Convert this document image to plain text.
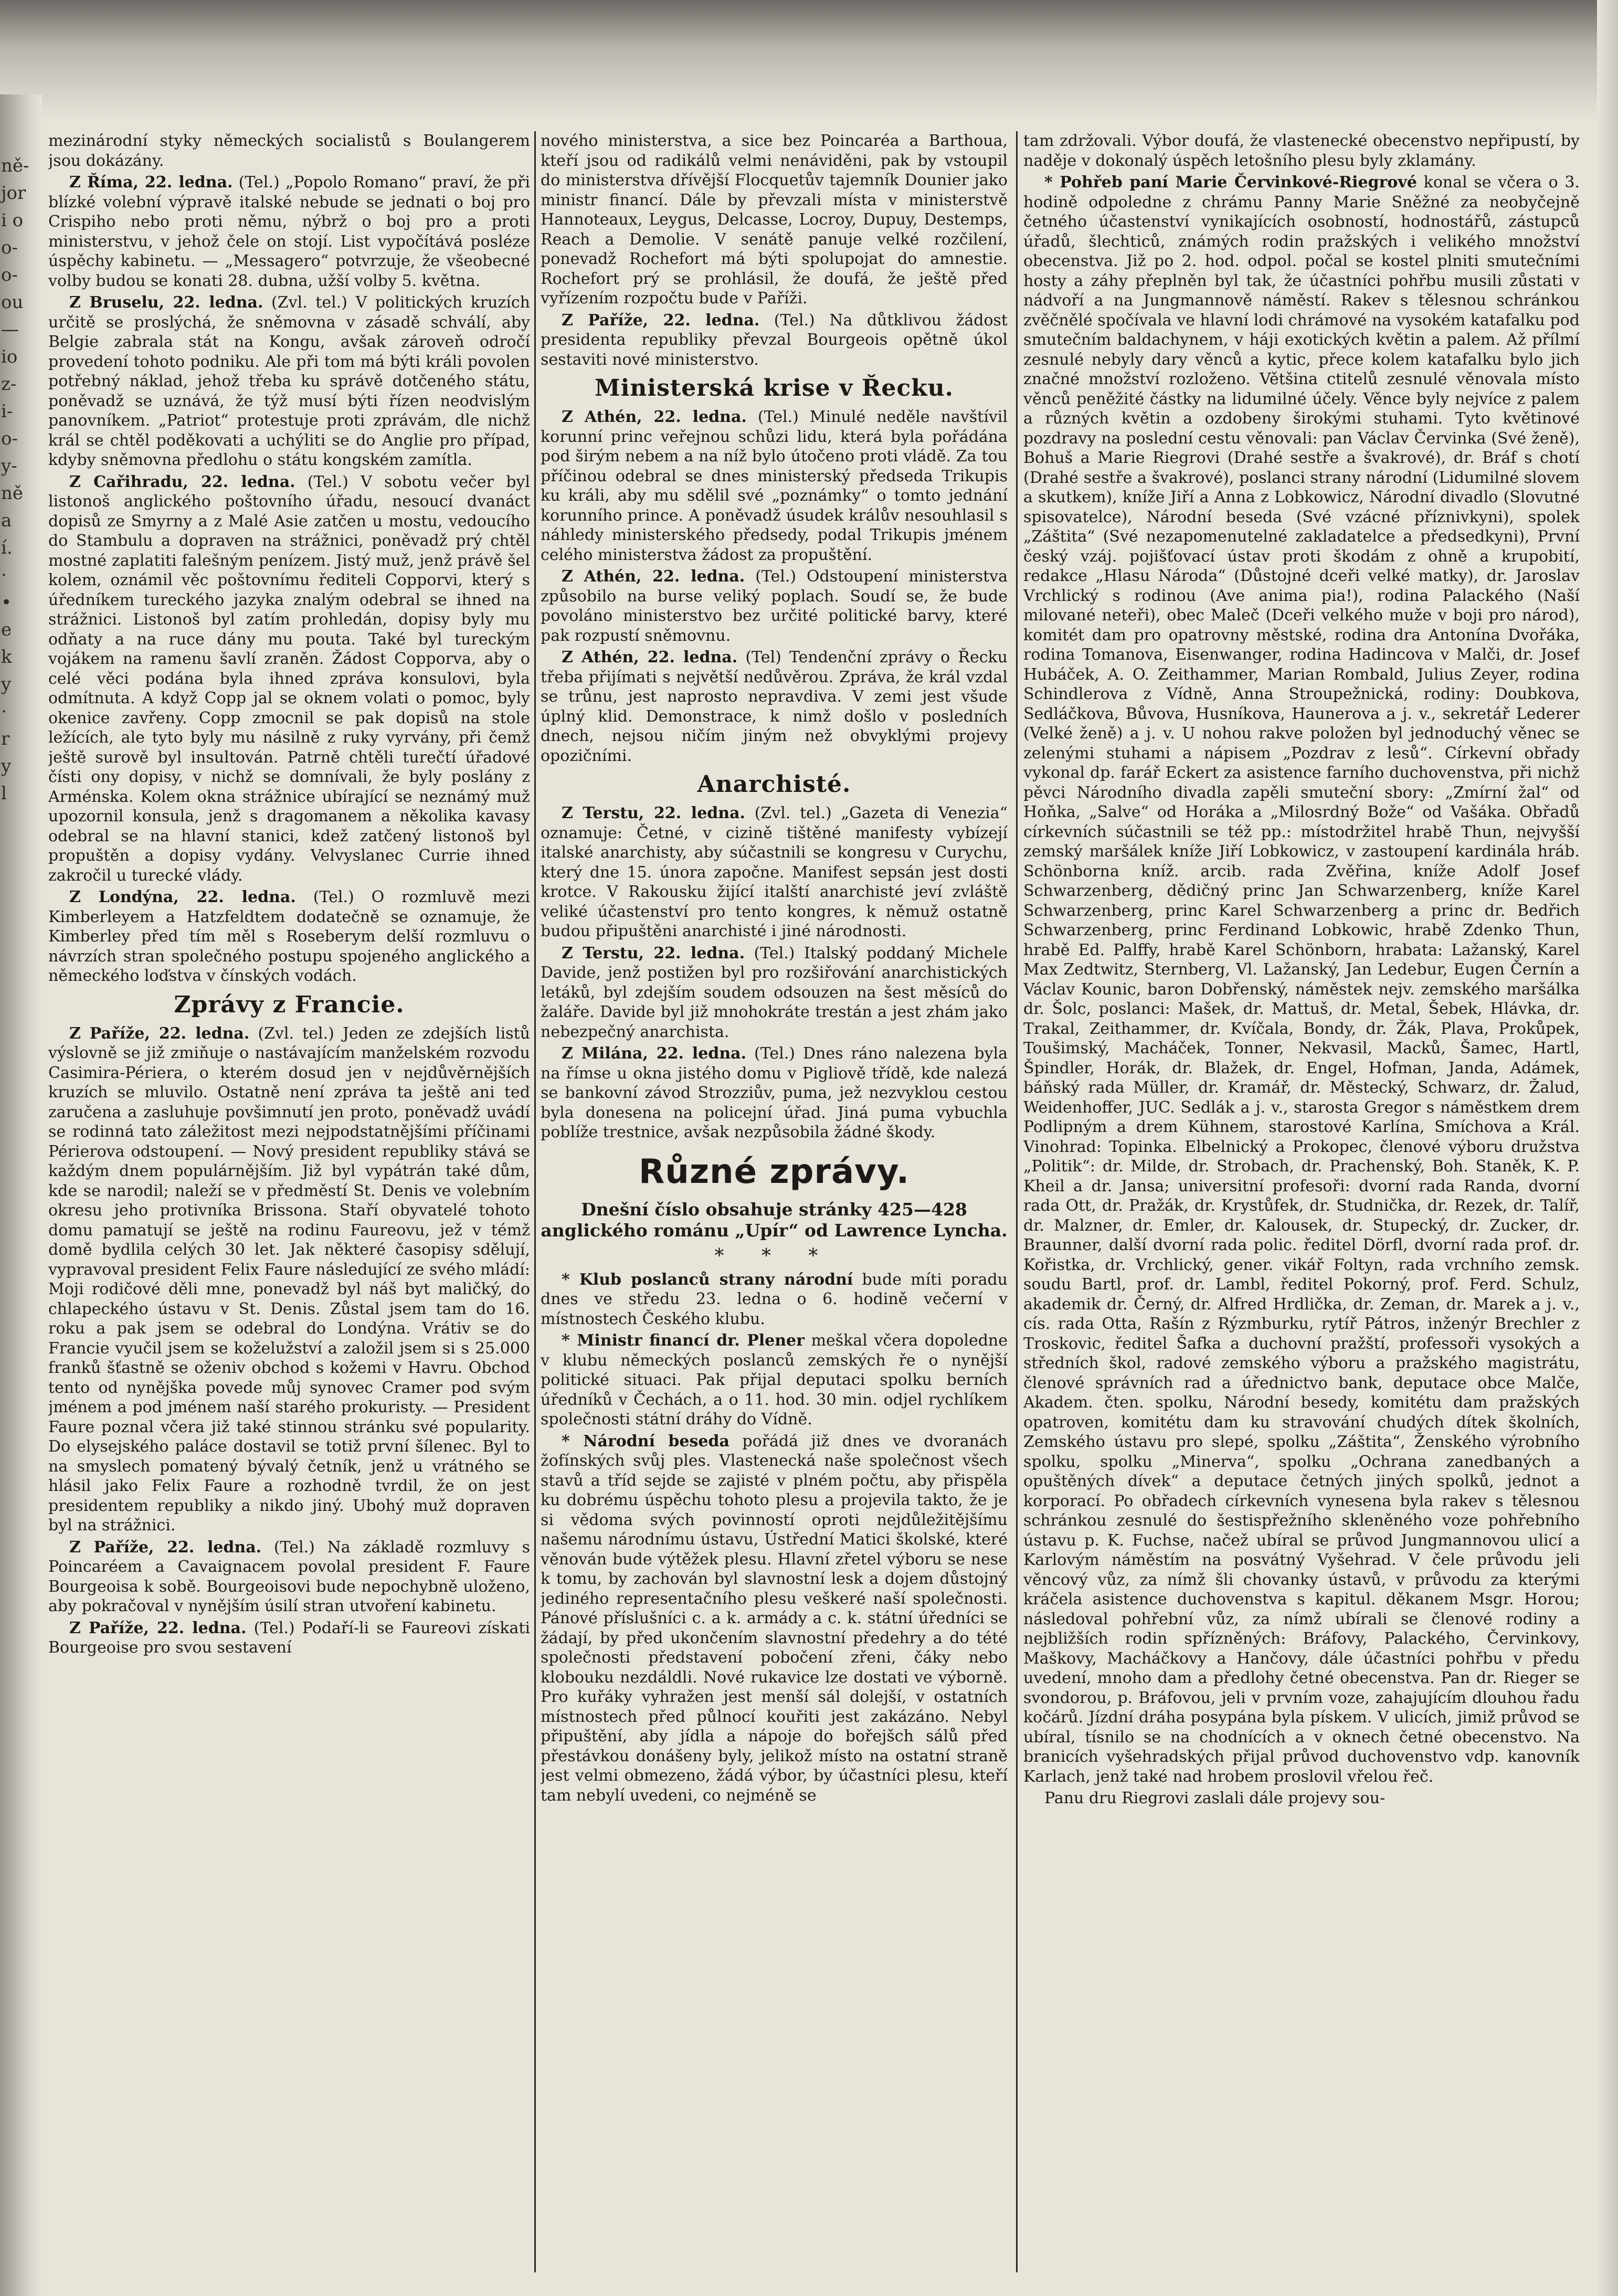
ně-
jor
i o
o-
o-
ou
—
io
z-
i-
o-
y-
ně
a
í.
·
•
e
k
y
·
r
y
l

mezinárodní styky německých socialistů s Boulangerem jsou dokázány.

Z Říma, 22. ledna. (Tel.) „Popolo Romano“ praví, že při blízké volební výpravě italské nebude se jednati o boj pro Crispiho nebo proti němu, nýbrž o boj pro a proti ministerstvu, v jehož čele on stojí. List vypočítává posléze úspěchy kabinetu. — „Messagero“ potvrzuje, že všeobecné volby budou se konati 28. dubna, užší volby 5. května.

Z Bruselu, 22. ledna. (Zvl. tel.) V politických kruzích určitě se proslýchá, že sněmovna v zásadě schválí, aby Belgie zabrala stát na Kongu, avšak zároveň odročí provedení tohoto podniku. Ale při tom má býti králi povolen potřebný náklad, jehož třeba ku správě dotčeného státu, poněvadž se uznává, že týž musí býti řízen neodvislým panovníkem. „Patriot“ protestuje proti zprávám, dle nichž král se chtěl poděkovati a uchýliti se do Anglie pro případ, kdyby sněmovna předlohu o státu kongském zamítla.

Z Cařihradu, 22. ledna. (Tel.) V sobotu večer byl listonoš anglického poštovního úřadu, nesoucí dvanáct dopisů ze Smyrny a z Malé Asie zatčen u mostu, vedoucího do Stambulu a dopraven na strážnici, poněvadž prý chtěl mostné zaplatiti falešným penízem. Jistý muž, jenž právě šel kolem, oznámil věc poštovnímu řediteli Copporvi, který s úředníkem tureckého jazyka znalým odebral se ihned na strážnici. Listonoš byl zatím prohledán, dopisy byly mu odňaty a na ruce dány mu pouta. Také byl tureckým vojákem na ramenu šavlí zraněn. Žádost Copporva, aby o celé věci podána byla ihned zpráva konsulovi, byla odmítnuta. A když Copp jal se oknem volati o pomoc, byly okenice zavřeny. Copp zmocnil se pak dopisů na stole ležících, ale tyto byly mu násilně z ruky vyrvány, při čemž ještě surově byl insultován. Patrně chtěli turečtí úřadové čísti ony dopisy, v nichž se domnívali, že byly poslány z Arménska. Kolem okna strážnice ubírající se neznámý muž upozornil konsula, jenž s dragomanem a několika kavasy odebral se na hlavní stanici, kdež zatčený listonoš byl propuštěn a dopisy vydány. Velvyslanec Currie ihned zakročil u turecké vlády.

Z Londýna, 22. ledna. (Tel.) O rozmluvě mezi Kimberleyem a Hatzfeldtem dodatečně se oznamuje, že Kimberley před tím měl s Roseberym delší rozmluvu o návrzích stran společného postupu spojeného anglického a německého loďstva v čínských vodách.

Zprávy z Francie.

Z Paříže, 22. ledna. (Zvl. tel.) Jeden ze zdejších listů výslovně se již zmiňuje o nastávajícím manželském rozvodu Casimira-Périera, o kterém dosud jen v nejdůvěrnějších kruzích se mluvilo. Ostatně není zpráva ta ještě ani teď zaručena a zasluhuje povšimnutí jen proto, poněvadž uvádí se rodinná tato záležitost mezi nejpodstatnějšími příčinami Périerova odstoupení. — Nový president republiky stává se každým dnem populárnějším. Již byl vypátrán také dům, kde se narodil; naleží se v předměstí St. Denis ve volebním okresu jeho protivníka Brissona. Staří obyvatelé tohoto domu pamatují se ještě na rodinu Faureovu, jež v témž domě bydlila celých 30 let. Jak některé časopisy sdělují, vypravoval president Felix Faure následující ze svého mládí: Moji rodičové děli mne, ponevadž byl náš byt maličký, do chlapeckého ústavu v St. Denis. Zůstal jsem tam do 16. roku a pak jsem se odebral do Londýna. Vrátiv se do Francie vyučil jsem se koželužství a založil jsem si s 25.000 franků šťastně se oženiv obchod s kožemi v Havru. Obchod tento od nynějška povede můj synovec Cramer pod svým jménem a pod jménem naší starého prokuristy. — President Faure poznal včera již také stinnou stránku své popularity. Do elysejského paláce dostavil se totiž první šílenec. Byl to na smyslech pomatený bývalý četník, jenž u vrátného se hlásil jako Felix Faure a rozhodně tvrdil, že on jest presidentem republiky a nikdo jiný. Ubohý muž dopraven byl na strážnici.

Z Paříže, 22. ledna. (Tel.) Na základě rozmluvy s Poincaréem a Cavaignacem povolal president F. Faure Bourgeoisa k sobě. Bourgeoisovi bude nepochybně uloženo, aby pokračoval v nynějším úsilí stran utvoření kabinetu.

Z Paříže, 22. ledna. (Tel.) Podaří-li se Faureovi získati Bourgeoise pro svou sestavení

nového ministerstva, a sice bez Poincaréa a Barthoua, kteří jsou od radikálů velmi nenáviděni, pak by vstoupil do ministerstva dřívější Flocquetův tajemník Dounier jako ministr financí. Dále by převzali místa v ministerstvě Hannoteaux, Leygus, Delcasse, Locroy, Dupuy, Destemps, Reach a Demolie. V senátě panuje velké rozčilení, ponevadž Rochefort má býti spolupojat do amnestie. Rochefort prý se prohlásil, že doufá, že ještě před vyřízením rozpočtu bude v Paříži.

Z Paříže, 22. ledna. (Tel.) Na důtklivou žádost presidenta republiky převzal Bourgeois opětně úkol sestaviti nové ministerstvo.

Ministerská krise v Řecku.

Z Athén, 22. ledna. (Tel.) Minulé neděle navštívil korunní princ veřejnou schůzi lidu, která byla pořádána pod širým nebem a na níž bylo útočeno proti vládě. Za tou příčinou odebral se dnes ministerský předseda Trikupis ku králi, aby mu sdělil své „poznámky“ o tomto jednání korunního prince. A poněvadž úsudek králův nesouhlasil s náhledy ministerského předsedy, podal Trikupis jménem celého ministerstva žádost za propuštění.

Z Athén, 22. ledna. (Tel.) Odstoupení ministerstva způsobilo na burse veliký poplach. Soudí se, že bude povoláno ministerstvo bez určité politické barvy, které pak rozpustí sněmovnu.

Z Athén, 22. ledna. (Tel) Tendenční zprávy o Řecku třeba přijímati s největší nedůvěrou. Zpráva, že král vzdal se trůnu, jest naprosto nepravdiva. V zemi jest všude úplný klid. Demonstrace, k nimž došlo v posledních dnech, nejsou ničím jiným než obvyklými projevy opozičními.

Anarchisté.

Z Terstu, 22. ledna. (Zvl. tel.) „Gazeta di Venezia“ oznamuje: Četné, v cizině tištěné manifesty vybízejí italské anarchisty, aby súčastnili se kongresu v Curychu, který dne 15. února započne. Manifest sepsán jest dosti krotce. V Rakousku žijící italští anarchisté jeví zvláště veliké účastenství pro tento kongres, k němuž ostatně budou připuštěni anarchisté i jiné národnosti.

Z Terstu, 22. ledna. (Tel.) Italský poddaný Michele Davide, jenž postižen byl pro rozšiřování anarchistických letáků, byl zdejším soudem odsouzen na šest měsíců do žaláře. Davide byl již mnohokráte trestán a jest zhám jako nebezpečný anarchista.

Z Milána, 22. ledna. (Tel.) Dnes ráno nalezena byla na římse u okna jistého domu v Pigliově třídě, kde nalezá se bankovní závod Strozziův, puma, jež nezvyklou cestou byla donesena na policejní úřad. Jiná puma vybuchla poblíže trestnice, avšak nezpůsobila žádné škody.

Různé zprávy.

Dnešní číslo obsahuje stránky 425—428 anglického románu „Upír“ od Lawrence Lyncha.

* * *

* Klub poslanců strany národní bude míti poradu dnes ve středu 23. ledna o 6. hodině večerní v místnostech Českého klubu.

* Ministr financí dr. Plener meškal včera dopoledne v klubu německých poslanců zemských ře o nynější politické situaci. Pak přijal deputaci spolku berních úředníků v Čechách, a o 11. hod. 30 min. odjel rychlíkem společnosti státní dráhy do Vídně.

* Národní beseda pořádá již dnes ve dvoranách žofínských svůj ples. Vlastenecká naše společnost všech stavů a tříd sejde se zajisté v plném počtu, aby přispěla ku dobrému úspěchu tohoto plesu a projevila takto, že je si vědoma svých povinností oproti nejdůležitějšímu našemu národnímu ústavu, Ústřední Matici školské, které věnován bude výtěžek plesu. Hlavní zřetel výboru se nese k tomu, by zachován byl slavnostní lesk a dojem důstojný jediného representačního plesu veškeré naší společnosti. Pánové příslušníci c. a k. armády a c. k. státní úředníci se žádají, by před ukončením slavnostní předehry a do tété společnosti představení pobočení zřeni, čáky nebo klobouku nezdáldli. Nové rukavice lze dostati ve výborně. Pro kuřáky vyhražen jest menší sál dolejší, v ostatních místnostech před půlnocí kouřiti jest zakázáno. Nebyl připuštění, aby jídla a nápoje do bořejšch sálů před přestávkou donášeny byly, jelikož místo na ostatní straně jest velmi obmezeno, žádá výbor, by účastníci plesu, kteří tam nebylí uvedeni, co nejméně se

tam zdržovali. Výbor doufá, že vlastenecké obecenstvo nepřipustí, by naděje v dokonalý úspěch letošního plesu byly zklamány.

* Pohřeb paní Marie Červinkové-Riegrové konal se včera o 3. hodině odpoledne z chrámu Panny Marie Sněžné za neobyčejně četného účastenství vynikajících osobností, hodnostářů, zástupců úřadů, šlechticů, známých rodin pražských i velikého množství obecenstva. Již po 2. hod. odpol. počal se kostel plniti smutečními hosty a záhy přeplněn byl tak, že účastníci pohřbu musili zůstati v nádvoří a na Jungmannově náměstí. Rakev s tělesnou schránkou zvěčnělé spočívala ve hlavní lodi chrámové na vysokém katafalku pod smutečním baldachynem, v háji exotických květin a palem. Až přílmí zesnulé nebyly dary věnců a kytic, přece kolem katafalku bylo jich značné množství rozloženo. Většina ctitelů zesnulé věnovala místo věnců peněžité částky na lidumilné účely. Věnce byly nejvíce z palem a různých květin a ozdobeny širokými stuhami. Tyto květinové pozdravy na poslední cestu věnovali: pan Václav Červinka (Své ženě), Bohuš a Marie Riegrovi (Drahé sestře a švakrové), dr. Bráf s chotí (Drahé sestře a švakrové), poslanci strany národní (Lidumilné slovem a skutkem), kníže Jiří a Anna z Lobkowicz, Národní divadlo (Slovutné spisovatelce), Národní beseda (Své vzácné příznivkyni), spolek „Záštita“ (Své nezapomenutelné zakladatelce a předsedkyni), První český vzáj. pojišťovací ústav proti škodám z ohně a krupobití, redakce „Hlasu Národa“ (Důstojné dceři velké matky), dr. Jaroslav Vrchlický s rodinou (Ave anima pia!), rodina Palackého (Naší milované neteři), obec Maleč (Dceři velkého muže v boji pro národ), komitét dam pro opatrovny městské, rodina dra Antonína Dvořáka, rodina Tomanova, Eisenwanger, rodina Hadincova v Malči, dr. Josef Hubáček, A. O. Zeithammer, Marian Rombald, Julius Zeyer, rodina Schindlerova z Vídně, Anna Stroupežnická, rodiny: Doubkova, Sedláčkova, Bůvova, Husníkova, Haunerova a j. v., sekretář Lederer (Velké ženě) a j. v. U nohou rakve položen byl jednoduchý věnec se zelenými stuhami a nápisem „Pozdrav z lesů“. Církevní obřady vykonal dp. farář Eckert za asistence farního duchovenstva, při nichž pěvci Národního divadla zapěli smuteční sbory: „Zmírní žal“ od Hoňka, „Salve“ od Horáka a „Milosrdný Bože“ od Vašáka. Obřadů církevních súčastnili se též pp.: místodržitel hrabě Thun, nejvyšší zemský maršálek kníže Jiří Lobkowicz, v zastoupení kardinála hráb. Schönborna kníž. arcib. rada Zvěřina, kníže Adolf Josef Schwarzenberg, dědičný princ Jan Schwarzenberg, kníže Karel Schwarzenberg, princ Karel Schwarzenberg a princ dr. Bedřich Schwarzenberg, princ Ferdinand Lobkowic, hrabě Zdenko Thun, hrabě Ed. Palffy, hrabě Karel Schönborn, hrabata: Lažanský, Karel Max Zedtwitz, Sternberg, Vl. Lažanský, Jan Ledebur, Eugen Černín a Václav Kounic, baron Dobřenský, náměstek nejv. zemského maršálka dr. Šolc, poslanci: Mašek, dr. Mattuš, dr. Metal, Šebek, Hlávka, dr. Trakal, Zeithammer, dr. Kvíčala, Bondy, dr. Žák, Plava, Prokůpek, Toušimský, Macháček, Tonner, Nekvasil, Macků, Šamec, Hartl, Špindler, Horák, dr. Blažek, dr. Engel, Hofman, Janda, Adámek, báňský rada Müller, dr. Kramář, dr. Městecký, Schwarz, dr. Žalud, Weidenhoffer, JUC. Sedlák a j. v., starosta Gregor s náměstkem drem Podlipným a drem Kühnem, starostové Karlína, Smíchova a Král. Vinohrad: Topinka. Elbelnický a Prokopec, členové výboru družstva „Politik“: dr. Milde, dr. Strobach, dr. Prachenský, Boh. Staněk, K. P. Kheil a dr. Jansa; universitní profesoři: dvorní rada Randa, dvorní rada Ott, dr. Pražák, dr. Krystůfek, dr. Studnička, dr. Rezek, dr. Talíř, dr. Malzner, dr. Emler, dr. Kalousek, dr. Stupecký, dr. Zucker, dr. Braunner, další dvorní rada polic. ředitel Dörfl, dvorní rada prof. dr. Kořistka, dr. Vrchlický, gener. vikář Foltyn, rada vrchního zemsk. soudu Bartl, prof. dr. Lambl, ředitel Pokorný, prof. Ferd. Schulz, akademik dr. Černý, dr. Alfred Hrdlička, dr. Zeman, dr. Marek a j. v., cís. rada Otta, Rašín z Rýzmburku, rytíř Pátros, inženýr Brechler z Troskovic, ředitel Šafka a duchovní pražští, professoři vysokých a středních škol, radové zemského výboru a pražského magistrátu, členové správních rad a úřednictvo bank, deputace obce Malče, Akadem. čten. spolku, Národní besedy, komitétu dam pražských opatroven, komitétu dam ku stravování chudých dítek školních, Zemského ústavu pro slepé, spolku „Záštita“, Ženského výrobního spolku, spolku „Minerva“, spolku „Ochrana zanedbaných a opuštěných dívek“ a deputace četných jiných spolků, jednot a korporací. Po obřadech církevních vynesena byla rakev s tělesnou schránkou zesnulé do šestispřežního skleněného voze pohřebního ústavu p. K. Fuchse, načež ubíral se průvod Jungmannovou ulicí a Karlovým náměstím na posvátný Vyšehrad. V čele průvodu jeli věncový vůz, za nímž šli chovanky ústavů, v průvodu za kterými kráčela asistence duchovenstva s kapitul. děkanem Msgr. Horou; následoval pohřební vůz, za nímž ubírali se členové rodiny a nejbližších rodin spřízněných: Bráfovy, Palackého, Červinkovy, Maškovy, Macháčkovy a Hančovy, dále účastníci pohřbu v předu uvedení, mnoho dam a předlohy četné obecenstva. Pan dr. Rieger se svondorou, p. Bráfovou, jeli v prvním voze, zahajujícím dlouhou řadu kočárů. Jízdní dráha posypána byla pískem. V ulicích, jimiž průvod se ubíral, tísnilo se na chodnících a v oknech četné obecenstvo. Na branicích vyšehradských přijal průvod duchovenstvo vdp. kanovník Karlach, jenž také nad hrobem proslovil vřelou řeč.

Panu dru Riegrovi zaslali dále projevy sou-
